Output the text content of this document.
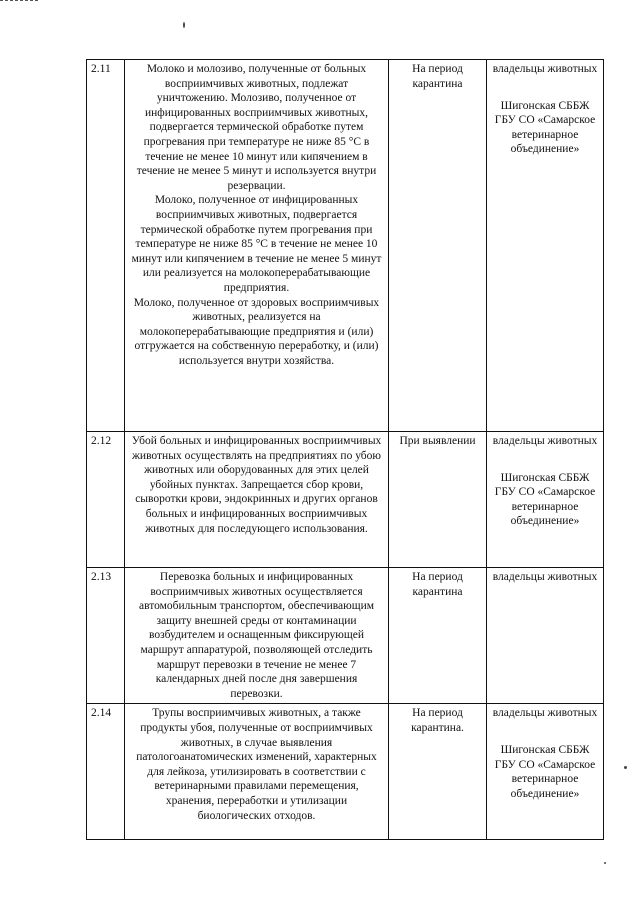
2.11	Молоко и молозиво, полученные от больных восприимчивых животных, подлежат уничтожению. Молозиво, полученное от инфицированных восприимчивых животных, подвергается термической обработке путем прогревания при температуре не ниже 85 °С в течение не менее 10 минут или кипячением в течение не менее 5 минут и используется внутри резервации.
Молоко, полученное от инфицированных восприимчивых животных, подвергается термической обработке путем прогревания при температуре не ниже 85 °С в течение не менее 10 минут или кипячением в течение не менее 5 минут или реализуется на молокоперерабатывающие предприятия.
Молоко, полученное от здоровых восприимчивых животных, реализуется на молокоперерабатывающие предприятия и (или) отгружается на собственную переработку, и (или) используется внутри хозяйства.	На период карантина	владельцы животных
Шигонская СББЖ ГБУ СО «Самарское ветеринарное объединение»

2.12	Убой больных и инфицированных восприимчивых животных осуществлять на предприятиях по убою животных или оборудованных для этих целей убойных пунктах. Запрещается сбор крови, сыворотки крови, эндокринных и других органов больных и инфицированных восприимчивых животных для последующего использования.	При выявлении	владельцы животных
Шигонская СББЖ ГБУ СО «Самарское ветеринарное объединение»

2.13	Перевозка больных и инфицированных восприимчивых животных осуществляется автомобильным транспортом, обеспечивающим защиту внешней среды от контаминации возбудителем и оснащенным фиксирующей маршрут аппаратурой, позволяющей отследить маршрут перевозки в течение не менее 7 календарных дней после дня завершения перевозки.	На период карантина	владельцы животных

2.14	Трупы восприимчивых животных, а также продукты убоя, полученные от восприимчивых животных, в случае выявления патологоанатомических изменений, характерных для лейкоза, утилизировать в соответствии с ветеринарными правилами перемещения, хранения, переработки и утилизации биологических отходов.	На период карантина.	владельцы животных
Шигонская СББЖ ГБУ СО «Самарское ветеринарное объединение»
